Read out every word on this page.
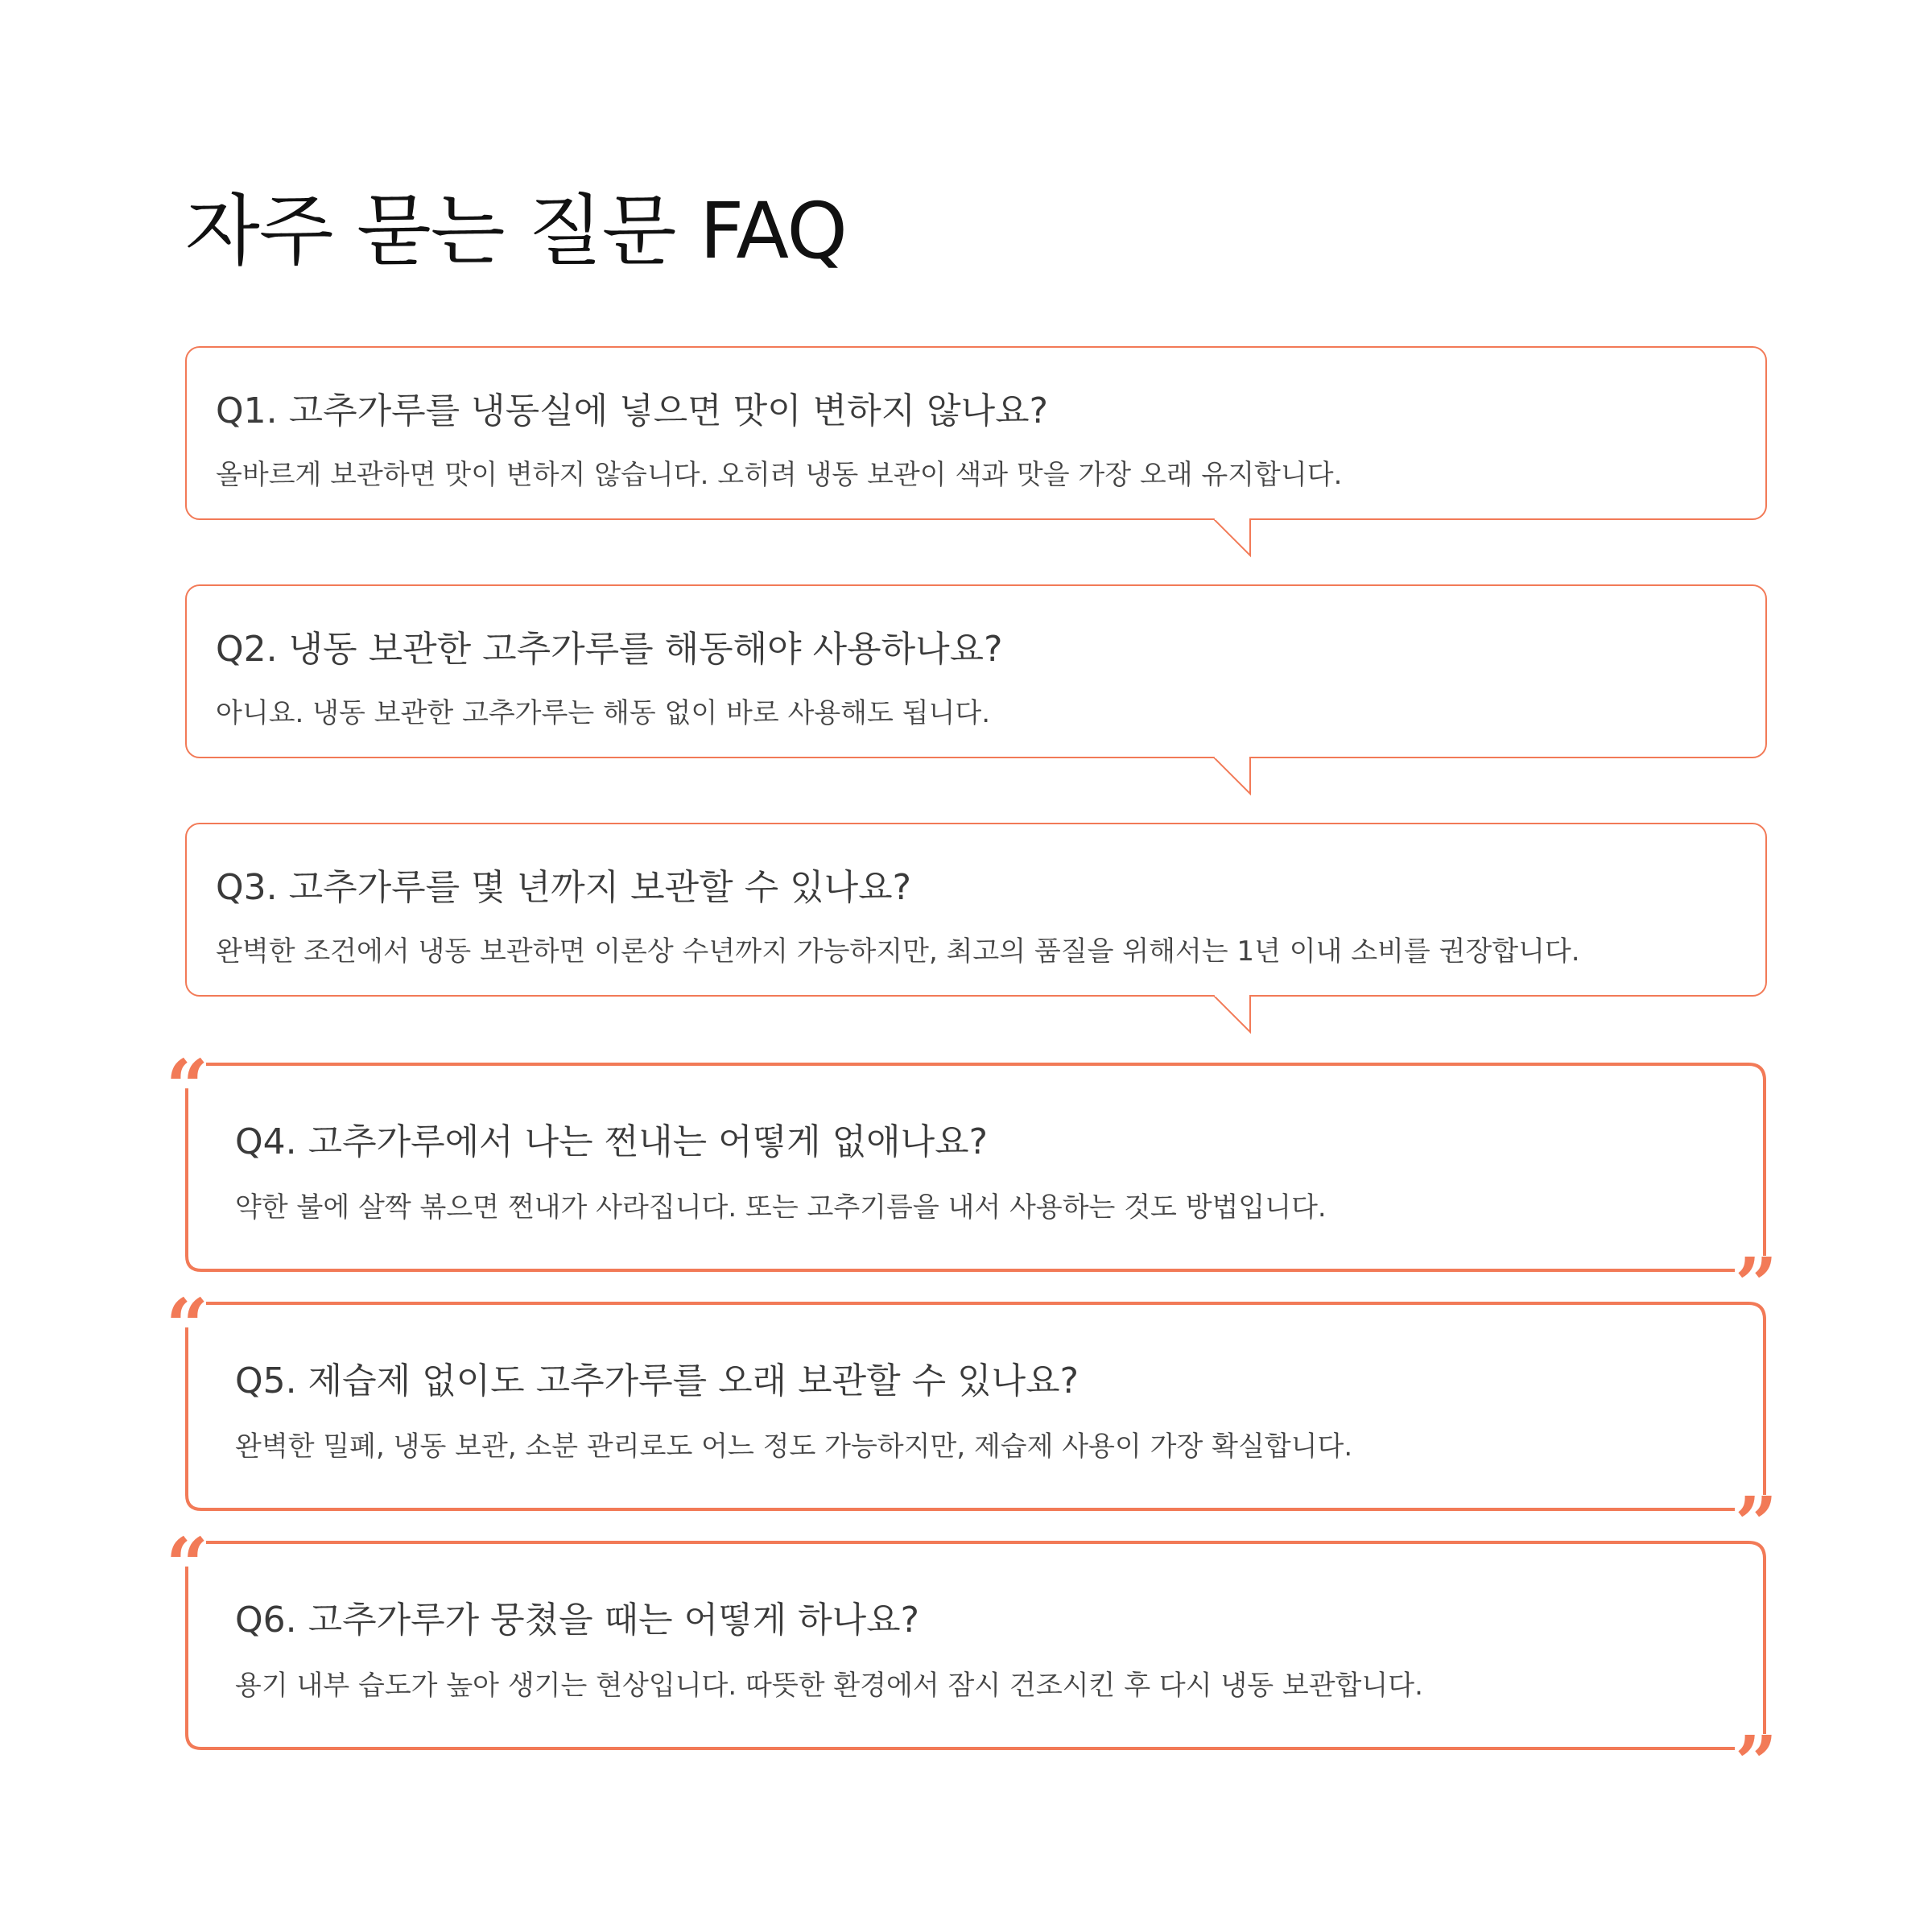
자주 묻는 질문 FAQ
Q1. 고추가루를 냉동실에 넣으면 맛이 변하지 않나요?
올바르게 보관하면 맛이 변하지 않습니다. 오히려 냉동 보관이 색과 맛을 가장 오래 유지합니다.
Q2. 냉동 보관한 고추가루를 해동해야 사용하나요?
아니요. 냉동 보관한 고추가루는 해동 없이 바로 사용해도 됩니다.
Q3. 고추가루를 몇 년까지 보관할 수 있나요?
완벽한 조건에서 냉동 보관하면 이론상 수년까지 가능하지만, 최고의 품질을 위해서는 1년 이내 소비를 권장합니다.
“
”
Q4. 고추가루에서 나는 쩐내는 어떻게 없애나요?
약한 불에 살짝 볶으면 쩐내가 사라집니다. 또는 고추기름을 내서 사용하는 것도 방법입니다.
“
”
Q5. 제습제 없이도 고추가루를 오래 보관할 수 있나요?
완벽한 밀폐, 냉동 보관, 소분 관리로도 어느 정도 가능하지만, 제습제 사용이 가장 확실합니다.
“
”
Q6. 고추가루가 뭉쳤을 때는 어떻게 하나요?
용기 내부 습도가 높아 생기는 현상입니다. 따뜻한 환경에서 잠시 건조시킨 후 다시 냉동 보관합니다.
